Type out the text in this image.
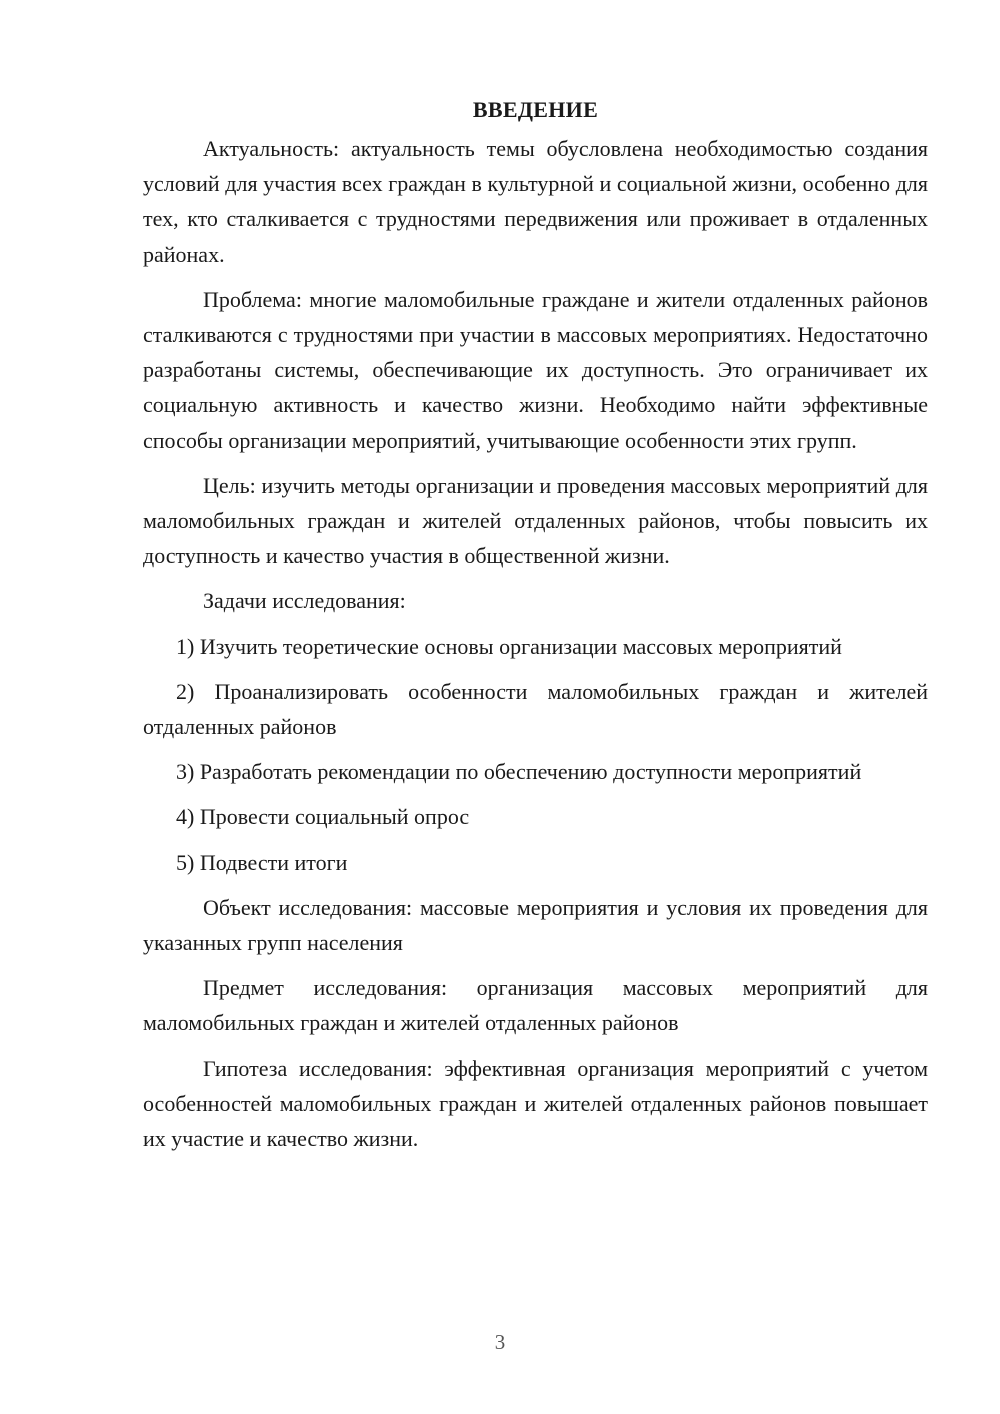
ВВЕДЕНИЕ

Актуальность: актуальность темы обусловлена необходимостью создания условий для участия всех граждан в культурной и социальной жизни, особенно для тех, кто сталкивается с трудностями передвижения или проживает в отдаленных районах.

Проблема: многие маломобильные граждане и жители отдаленных районов сталкиваются с трудностями при участии в массовых мероприятиях. Недостаточно разработаны системы, обеспечивающие их доступность. Это ограничивает их социальную активность и качество жизни. Необходимо найти эффективные способы организации мероприятий, учитывающие особенности этих групп.

Цель: изучить методы организации и проведения массовых мероприятий для маломобильных граждан и жителей отдаленных районов, чтобы повысить их доступность и качество участия в общественной жизни.

Задачи исследования:

1) Изучить теоретические основы организации массовых мероприятий

2) Проанализировать особенности маломобильных граждан и жителей отдаленных районов

3) Разработать рекомендации по обеспечению доступности мероприятий

4) Провести социальный опрос

5) Подвести итоги

Объект исследования: массовые мероприятия и условия их проведения для указанных групп населения

Предмет исследования: организация массовых мероприятий для маломобильных граждан и жителей отдаленных районов

Гипотеза исследования: эффективная организация мероприятий с учетом особенностей маломобильных граждан и жителей отдаленных районов повышает их участие и качество жизни.

3
